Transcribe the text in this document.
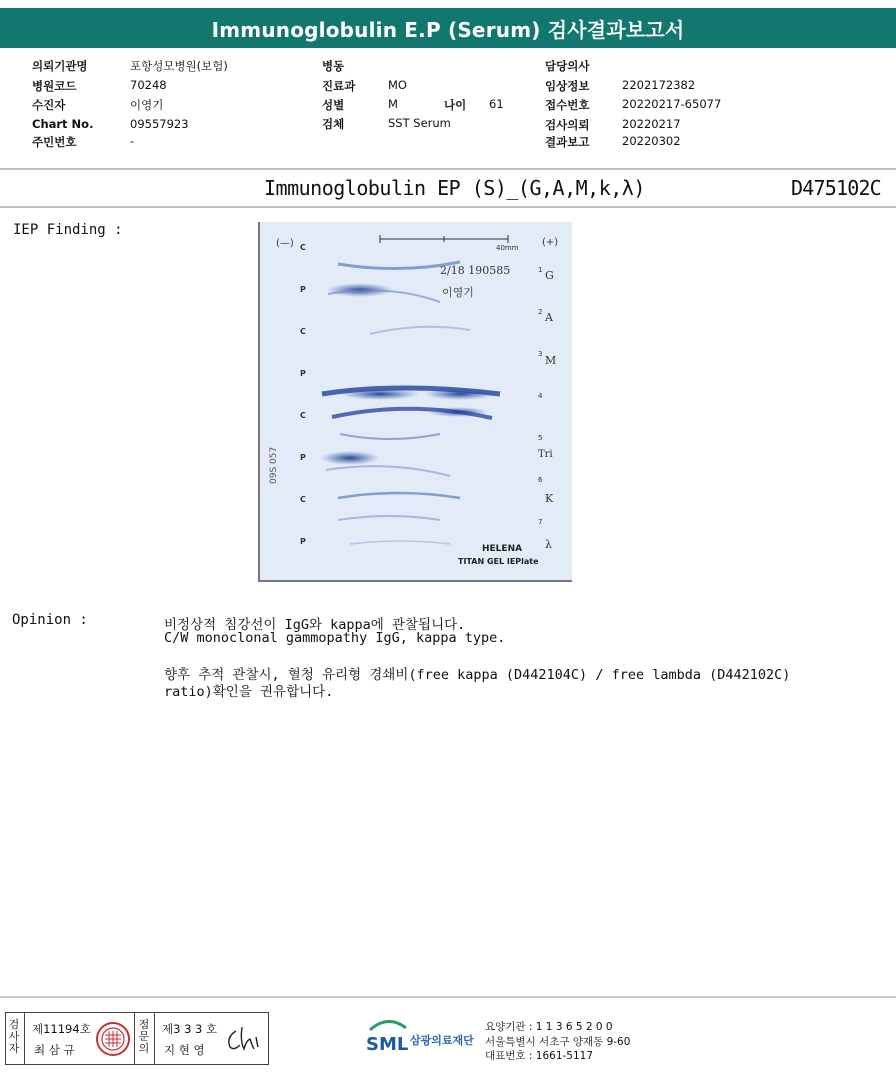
Immunoglobulin E.P (Serum) 검사결과보고서
의뢰기관명	포항성모병원(보험)
병원코드	70248
수진자	이영기
Chart No.	09557923
주민번호	-
병동
진료과	MO
성별	M	나이 61
검체	SST Serum
담당의사
임상정보	2202172382
접수번호	20220217-65077
검사의뢰	20220217
결과보고	20220302
Immunoglobulin EP (S)_(G,A,M,k,λ)	D475102C
IEP Finding :
(—)	(+)
40mm
2/18 190585
이영기
09S 057
C
P
C
P
C
P
C
P
1
2
3
4
5
6
7
G
A
M
Tri
K
λ
HELENA
TITAN GEL IEPlate
Opinion :	비정상적 침강선이 IgG와 kappa에 관찰됩니다.
C/W monoclonal gammopathy IgG, kappa type.
향후 추적 관찰시, 혈청 유리형 경쇄비(free kappa (D442104C) / free lambda (D442102C)
ratio)확인을 권유합니다.
검
사
자
제11194호
최 삼 규
점
문
의
제3 3 3 호
지 현 영	SML 삼광의료재단
요양기관 : 1 1 3 6 5 2 0 0
서울특별시 서초구 양재동 9-60
대표번호 : 1661-5117
